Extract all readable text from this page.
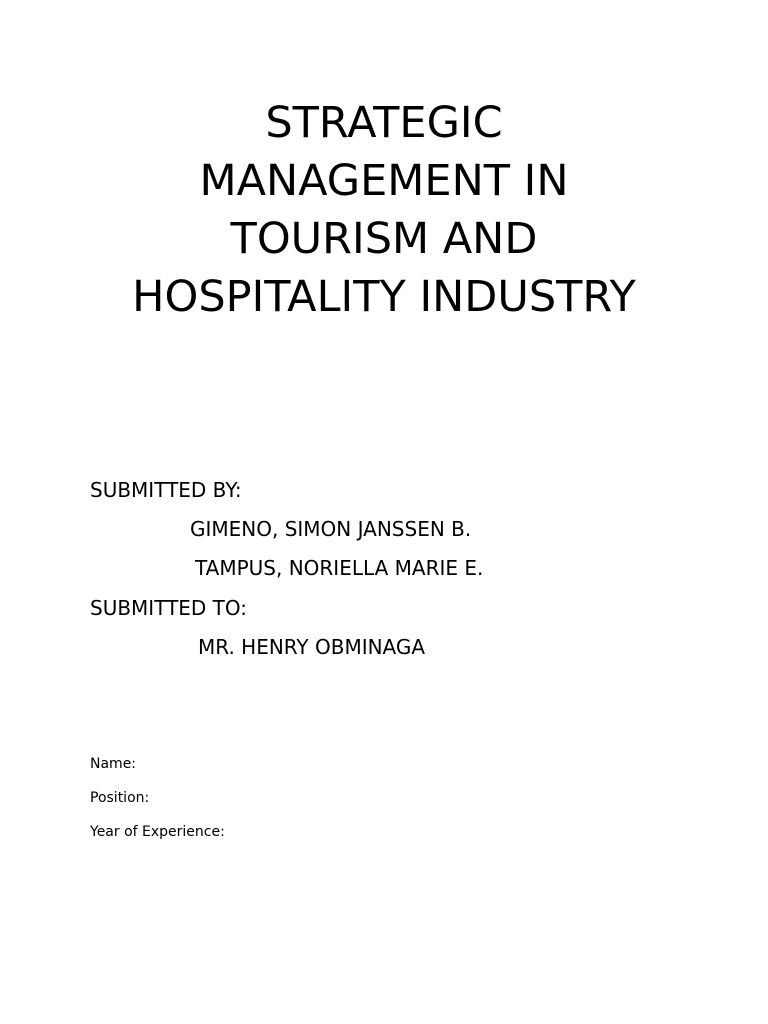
STRATEGIC
MANAGEMENT IN
TOURISM AND
HOSPITALITY INDUSTRY
SUBMITTED BY:
GIMENO, SIMON JANSSEN B.
TAMPUS, NORIELLA MARIE E.
SUBMITTED TO:
MR. HENRY OBMINAGA
Name:
Position:
Year of Experience:
